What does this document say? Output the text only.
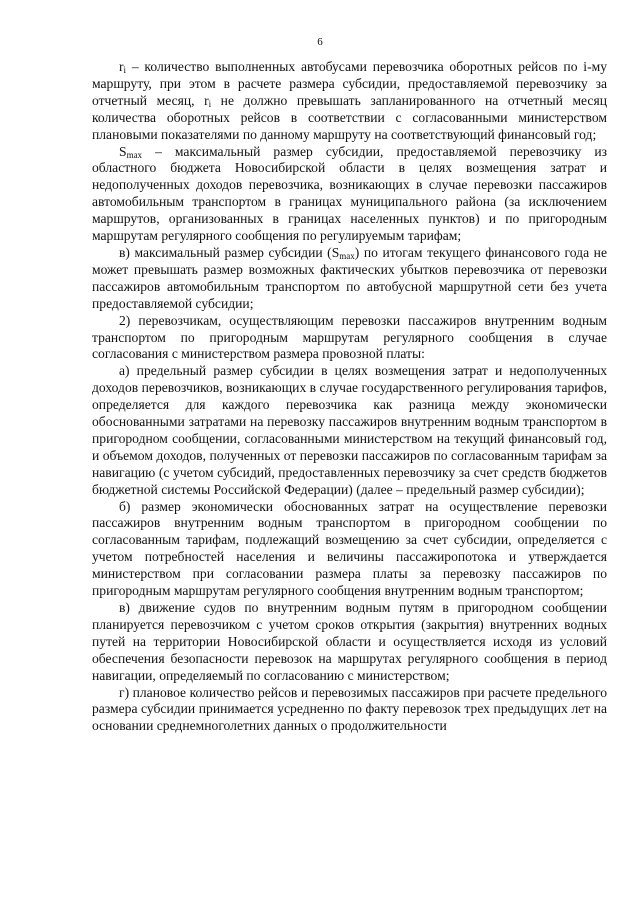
6

$r_i$ – количество выполненных автобусами перевозчика оборотных рейсов по i-му маршруту, при этом в расчете размера субсидии, предоставляемой перевозчику за отчетный месяц, $r_i$ не должно превышать запланированного на отчетный месяц количества оборотных рейсов в соответствии с согласованными министерством плановыми показателями по данному маршруту на соответствующий финансовый год;

$S_{max}$ – максимальный размер субсидии, предоставляемой перевозчику из областного бюджета Новосибирской области в целях возмещения затрат и недополученных доходов перевозчика, возникающих в случае перевозки пассажиров автомобильным транспортом в границах муниципального района (за исключением маршрутов, организованных в границах населенных пунктов) и по пригородным маршрутам регулярного сообщения по регулируемым тарифам;

в) максимальный размер субсидии $(S_{max})$ по итогам текущего финансового года не может превышать размер возможных фактических убытков перевозчика от перевозки пассажиров автомобильным транспортом по автобусной маршрутной сети без учета предоставляемой субсидии;

2) перевозчикам, осуществляющим перевозки пассажиров внутренним водным транспортом по пригородным маршрутам регулярного сообщения в случае согласования с министерством размера провозной платы:

а) предельный размер субсидии в целях возмещения затрат и недополученных доходов перевозчиков, возникающих в случае государственного регулирования тарифов, определяется для каждого перевозчика как разница между экономически обоснованными затратами на перевозку пассажиров внутренним водным транспортом в пригородном сообщении, согласованными министерством на текущий финансовый год, и объемом доходов, полученных от перевозки пассажиров по согласованным тарифам за навигацию (с учетом субсидий, предоставленных перевозчику за счет средств бюджетов бюджетной системы Российской Федерации) (далее – предельный размер субсидии);

б) размер экономически обоснованных затрат на осуществление перевозки пассажиров внутренним водным транспортом в пригородном сообщении по согласованным тарифам, подлежащий возмещению за счет субсидии, определяется с учетом потребностей населения и величины пассажиропотока и утверждается министерством при согласовании размера платы за перевозку пассажиров по пригородным маршрутам регулярного сообщения внутренним водным транспортом;

в) движение судов по внутренним водным путям в пригородном сообщении планируется перевозчиком с учетом сроков открытия (закрытия) внутренних водных путей на территории Новосибирской области и осуществляется исходя из условий обеспечения безопасности перевозок на маршрутах регулярного сообщения в период навигации, определяемый по согласованию с министерством;

г) плановое количество рейсов и перевозимых пассажиров при расчете предельного размера субсидии принимается усредненно по факту перевозок трех предыдущих лет на основании среднемноголетних данных о продолжительности
